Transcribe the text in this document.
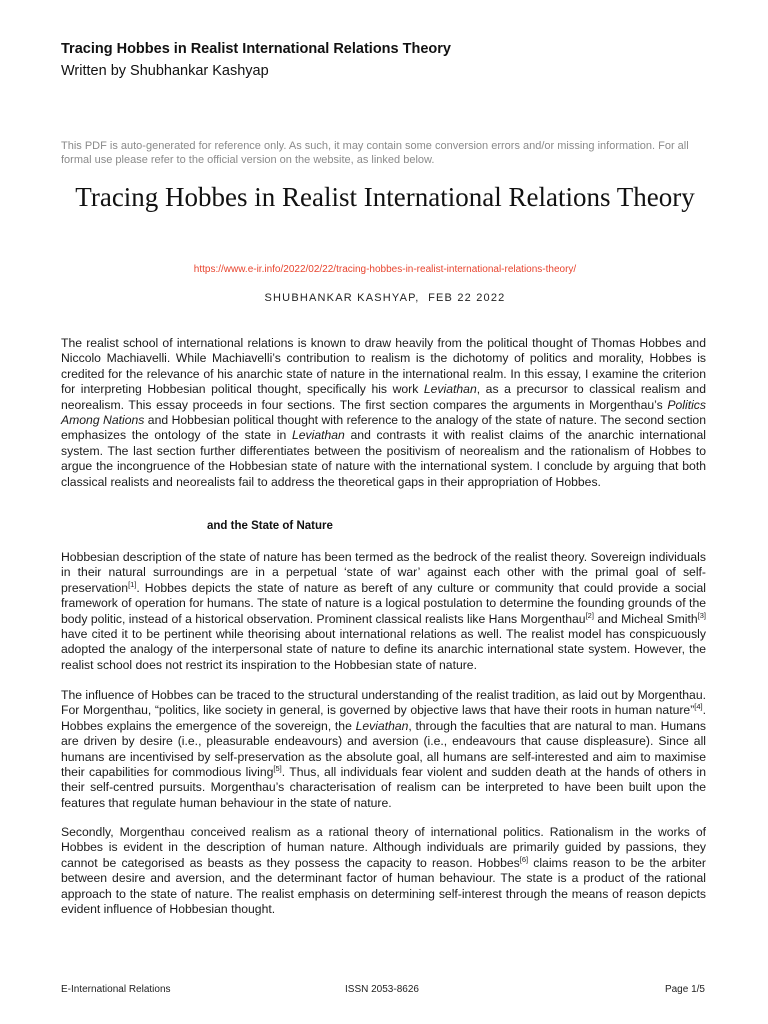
Tracing Hobbes in Realist International Relations Theory
Written by Shubhankar Kashyap
This PDF is auto-generated for reference only. As such, it may contain some conversion errors and/or missing information. For all formal use please refer to the official version on the website, as linked below.
Tracing Hobbes in Realist International Relations Theory
https://www.e-ir.info/2022/02/22/tracing-hobbes-in-realist-international-relations-theory/
SHUBHANKAR KASHYAP,  FEB 22 2022
The realist school of international relations is known to draw heavily from the political thought of Thomas Hobbes and Niccolo Machiavelli. While Machiavelli’s contribution to realism is the dichotomy of politics and morality, Hobbes is credited for the relevance of his anarchic state of nature in the international realm. In this essay, I examine the criterion for interpreting Hobbesian political thought, specifically his work Leviathan, as a precursor to classical realism and neorealism. This essay proceeds in four sections. The first section compares the arguments in Morgenthau’s Politics Among Nations and Hobbesian political thought with reference to the analogy of the state of nature. The second section emphasizes the ontology of the state in Leviathan and contrasts it with realist claims of the anarchic international system. The last section further differentiates between the positivism of neorealism and the rationalism of Hobbes to argue the incongruence of the Hobbesian state of nature with the international system. I conclude by arguing that both classical realists and neorealists fail to address the theoretical gaps in their appropriation of Hobbes.
and the State of Nature
Hobbesian description of the state of nature has been termed as the bedrock of the realist theory. Sovereign individuals in their natural surroundings are in a perpetual ‘state of war’ against each other with the primal goal of self-preservation[1]. Hobbes depicts the state of nature as bereft of any culture or community that could provide a social framework of operation for humans. The state of nature is a logical postulation to determine the founding grounds of the body politic, instead of a historical observation. Prominent classical realists like Hans Morgenthau[2] and Micheal Smith[3] have cited it to be pertinent while theorising about international relations as well. The realist model has conspicuously adopted the analogy of the interpersonal state of nature to define its anarchic international state system. However, the realist school does not restrict its inspiration to the Hobbesian state of nature.
The influence of Hobbes can be traced to the structural understanding of the realist tradition, as laid out by Morgenthau. For Morgenthau, “politics, like society in general, is governed by objective laws that have their roots in human nature”[4]. Hobbes explains the emergence of the sovereign, the Leviathan, through the faculties that are natural to man. Humans are driven by desire (i.e., pleasurable endeavours) and aversion (i.e., endeavours that cause displeasure). Since all humans are incentivised by self-preservation as the absolute goal, all humans are self-interested and aim to maximise their capabilities for commodious living[5]. Thus, all individuals fear violent and sudden death at the hands of others in their self-centred pursuits. Morgenthau’s characterisation of realism can be interpreted to have been built upon the features that regulate human behaviour in the state of nature.
Secondly, Morgenthau conceived realism as a rational theory of international politics. Rationalism in the works of Hobbes is evident in the description of human nature. Although individuals are primarily guided by passions, they cannot be categorised as beasts as they possess the capacity to reason. Hobbes[6] claims reason to be the arbiter between desire and aversion, and the determinant factor of human behaviour. The state is a product of the rational approach to the state of nature. The realist emphasis on determining self-interest through the means of reason depicts evident influence of Hobbesian thought.
E-International Relations	ISSN 2053-8626	Page 1/5
